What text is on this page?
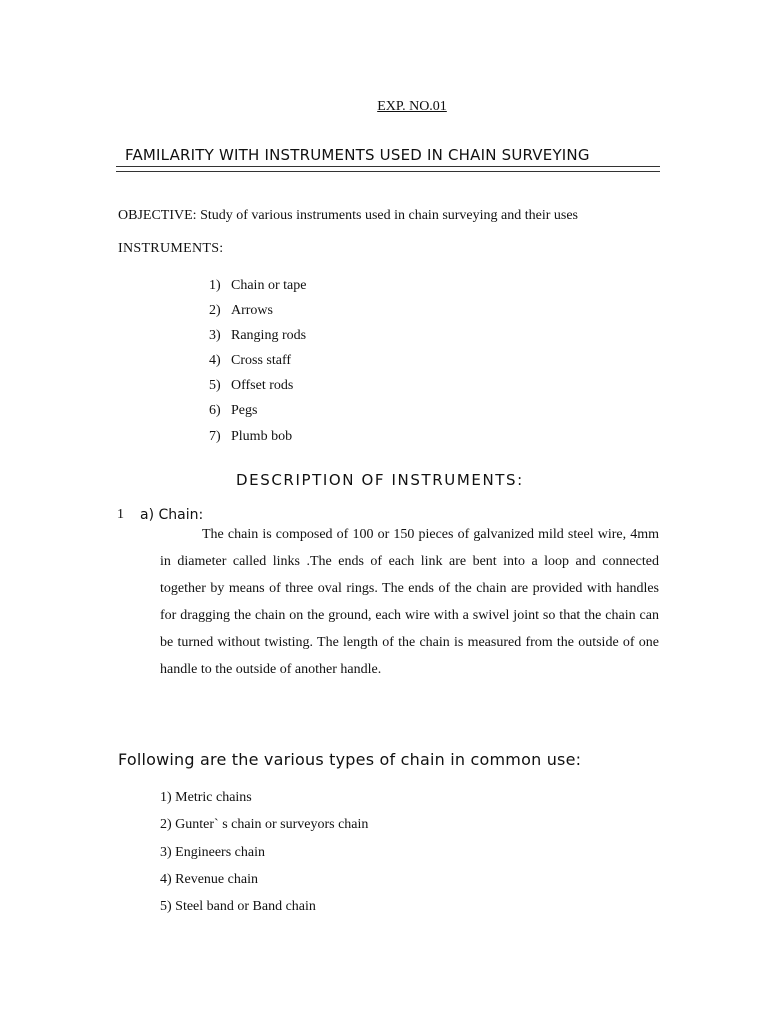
EXP. NO.01
FAMILARITY WITH INSTRUMENTS USED IN CHAIN SURVEYING
OBJECTIVE: Study of various instruments used in chain surveying and their uses
INSTRUMENTS:
1) Chain or tape
2) Arrows
3) Ranging rods
4) Cross staff
5) Offset rods
6) Pegs
7) Plumb bob
DESCRIPTION OF INSTRUMENTS:
1 a) Chain:
The chain is composed of 100 or 150 pieces of galvanized mild steel wire, 4mm in diameter called links .The ends of each link are bent into a loop and connected together by means of three oval rings. The ends of the chain are provided with handles for dragging the chain on the ground, each wire with a swivel joint so that the chain can be turned without twisting. The length of the chain is measured from the outside of one handle to the outside of another handle.
Following are the various types of chain in common use:
1) Metric chains
2) Gunter` s chain or surveyors chain
3) Engineers chain
4) Revenue chain
5) Steel band or Band chain
